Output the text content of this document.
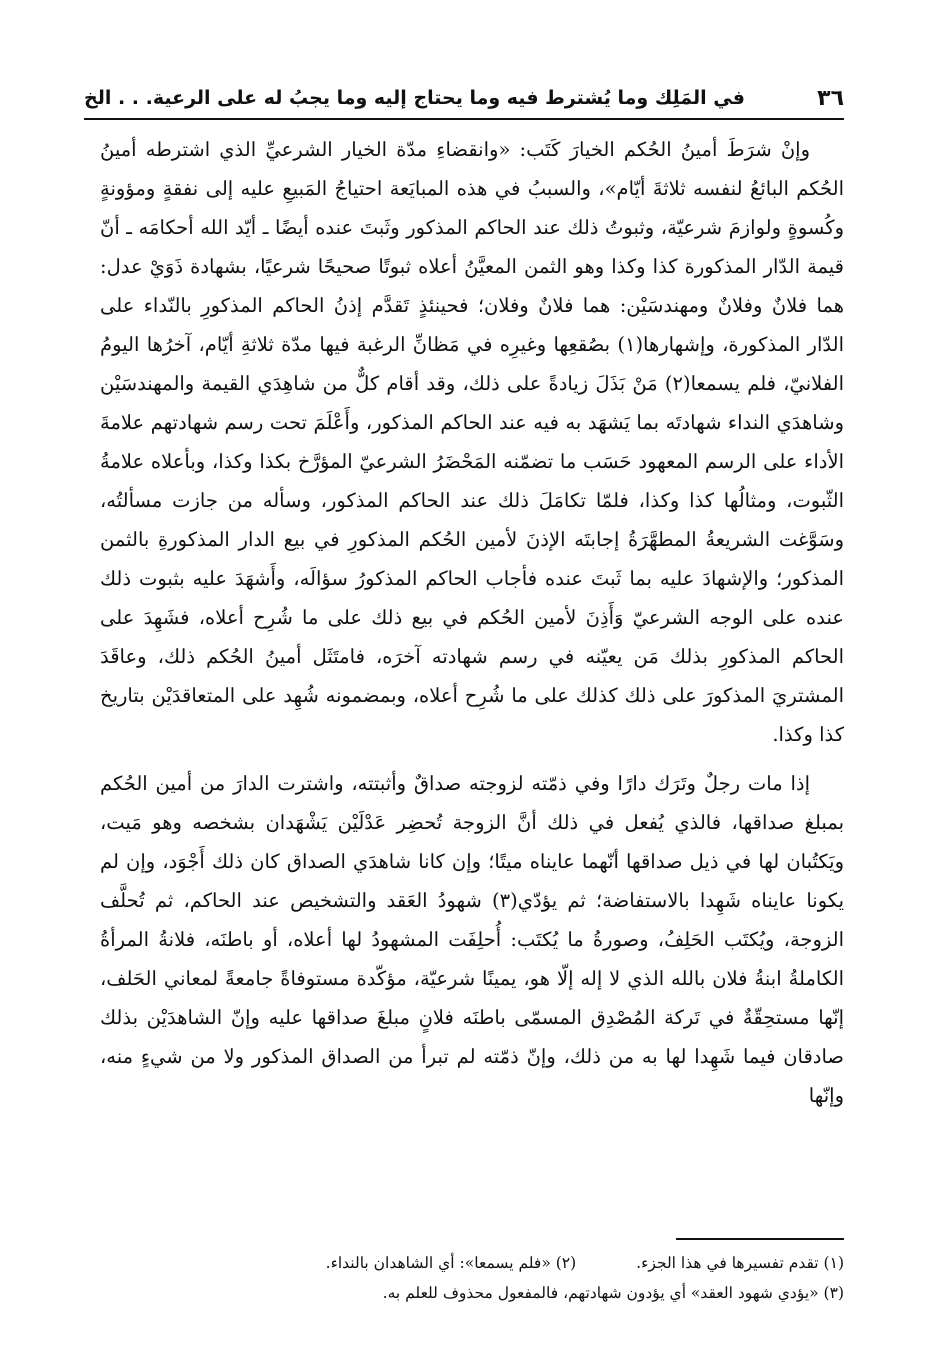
٣٦
في المَلِك وما يُشترط فيه وما يحتاج إليه وما يجبُ له على الرعية. . . الخ

وإنْ شرَطَ أمينُ الحُكم الخيارَ كَتَب: «وانقضاءِ مدّة الخيار الشرعيِّ الذي اشترطه أمينُ الحُكم البائعُ لنفسه ثلاثةَ أيّام»، والسببُ في هذه المبايَعة احتياجُ المَبيعِ عليه إلى نفقةٍ ومؤونةٍ وكُسوةٍ ولوازمَ شرعيّة، وثبوتُ ذلك عند الحاكم المذكور وثَبتَ عنده أيضًا ـ أيّد الله أحكامَه ـ أنّ قيمة الدّار المذكورة كذا وكذا وهو الثمن المعيَّنُ أعلاه ثبوتًا صحيحًا شرعيًا، بشهادة ذَوَيْ عدل: هما فلانٌ وفلانٌ ومهندسَيْن: هما فلانٌ وفلان؛ فحينئذٍ تَقدَّم إذنُ الحاكم المذكورِ بالنّداء على الدّار المذكورة، وإشهارها(١) بصُقعِها وغيرِه في مَظانِّ الرغبة فيها مدّة ثلاثةِ أيّام، آخرُها اليومُ الفلانيّ، فلم يسمعا(٢) مَنْ بَذَلَ زيادةً على ذلك، وقد أقام كلٌّ من شاهِدَي القيمة والمهندسَيْن وشاهدَي النداء شهادتَه بما يَشهَد به فيه عند الحاكم المذكور، وأَعْلَمَ تحت رسم شهادتهم علامةَ الأداء على الرسم المعهود حَسَب ما تضمّنه المَحْضَرُ الشرعيّ المؤرَّخ بكذا وكذا، وبأعلاه علامةُ الثّبوت، ومثالُها كذا وكذا، فلمّا تكامَلَ ذلك عند الحاكم المذكور، وسأله من جازت مسألتُه، وسَوَّغت الشريعةُ المطهَّرَةُ إجابتَه الإذنَ لأمين الحُكم المذكورِ في بيع الدار المذكورةِ بالثمن المذكور؛ والإشهادَ عليه بما ثَبتَ عنده فأجاب الحاكم المذكورُ سؤالَه، وأَشهَدَ عليه بثبوت ذلك عنده على الوجه الشرعيّ وَأَذِنَ لأمين الحُكم في بيع ذلك على ما شُرِح أعلاه، فشَهِدَ على الحاكم المذكورِ بذلك مَن يعيّنه في رسم شهادته آخرَه، فامتَثَل أمينُ الحُكم ذلك، وعاقَدَ المشتريَ المذكورَ على ذلك كذلك على ما شُرِح أعلاه، وبمضمونه شُهِد على المتعاقدَيْن بتاريخ كذا وكذا.

إذا مات رجلٌ وتَرَك دارًا وفي ذمّته لزوجته صداقٌ وأثبتته، واشترت الدارَ من أمين الحُكم بمبلغ صداقها، فالذي يُفعل في ذلك أنَّ الزوجة تُحضِر عَدْلَيْن يَشْهَدان بشخصه وهو مَيت، ويَكتُبان لها في ذيل صداقها أنّهما عايناه ميتًا؛ وإن كانا شاهدَي الصداق كان ذلك أَجْوَد، وإن لم يكونا عايناه شَهِدا بالاستفاضة؛ ثم يؤدّي(٣) شهودُ العَقد والتشخيص عند الحاكم، ثم تُحلَّف الزوجة، ويُكتَب الحَلِفُ، وصورةُ ما يُكتَب: أُحلِفَت المشهودُ لها أعلاه، أو باطنَه، فلانةُ المرأةُ الكاملةُ ابنةُ فلان بالله الذي لا إله إلّا هو، يمينًا شرعيّة، مؤكّدة مستوفاةً جامعةً لمعاني الحَلف، إنّها مستحِقّةٌ في تَركة المُصْدِق المسمّى باطنَه فلانٍ مبلغَ صداقها عليه وإنّ الشاهدَيْن بذلك صادقان فيما شَهِدا لها به من ذلك، وإنّ ذمّته لم تبرأ من الصداق المذكور ولا من شيءٍ منه، وإنّها

(١) تقدم تفسيرها في هذا الجزء.
(٢) «فلم يسمعا»: أي الشاهدان بالنداء.
(٣) «يؤدي شهود العقد» أي يؤدون شهادتهم، فالمفعول محذوف للعلم به.
